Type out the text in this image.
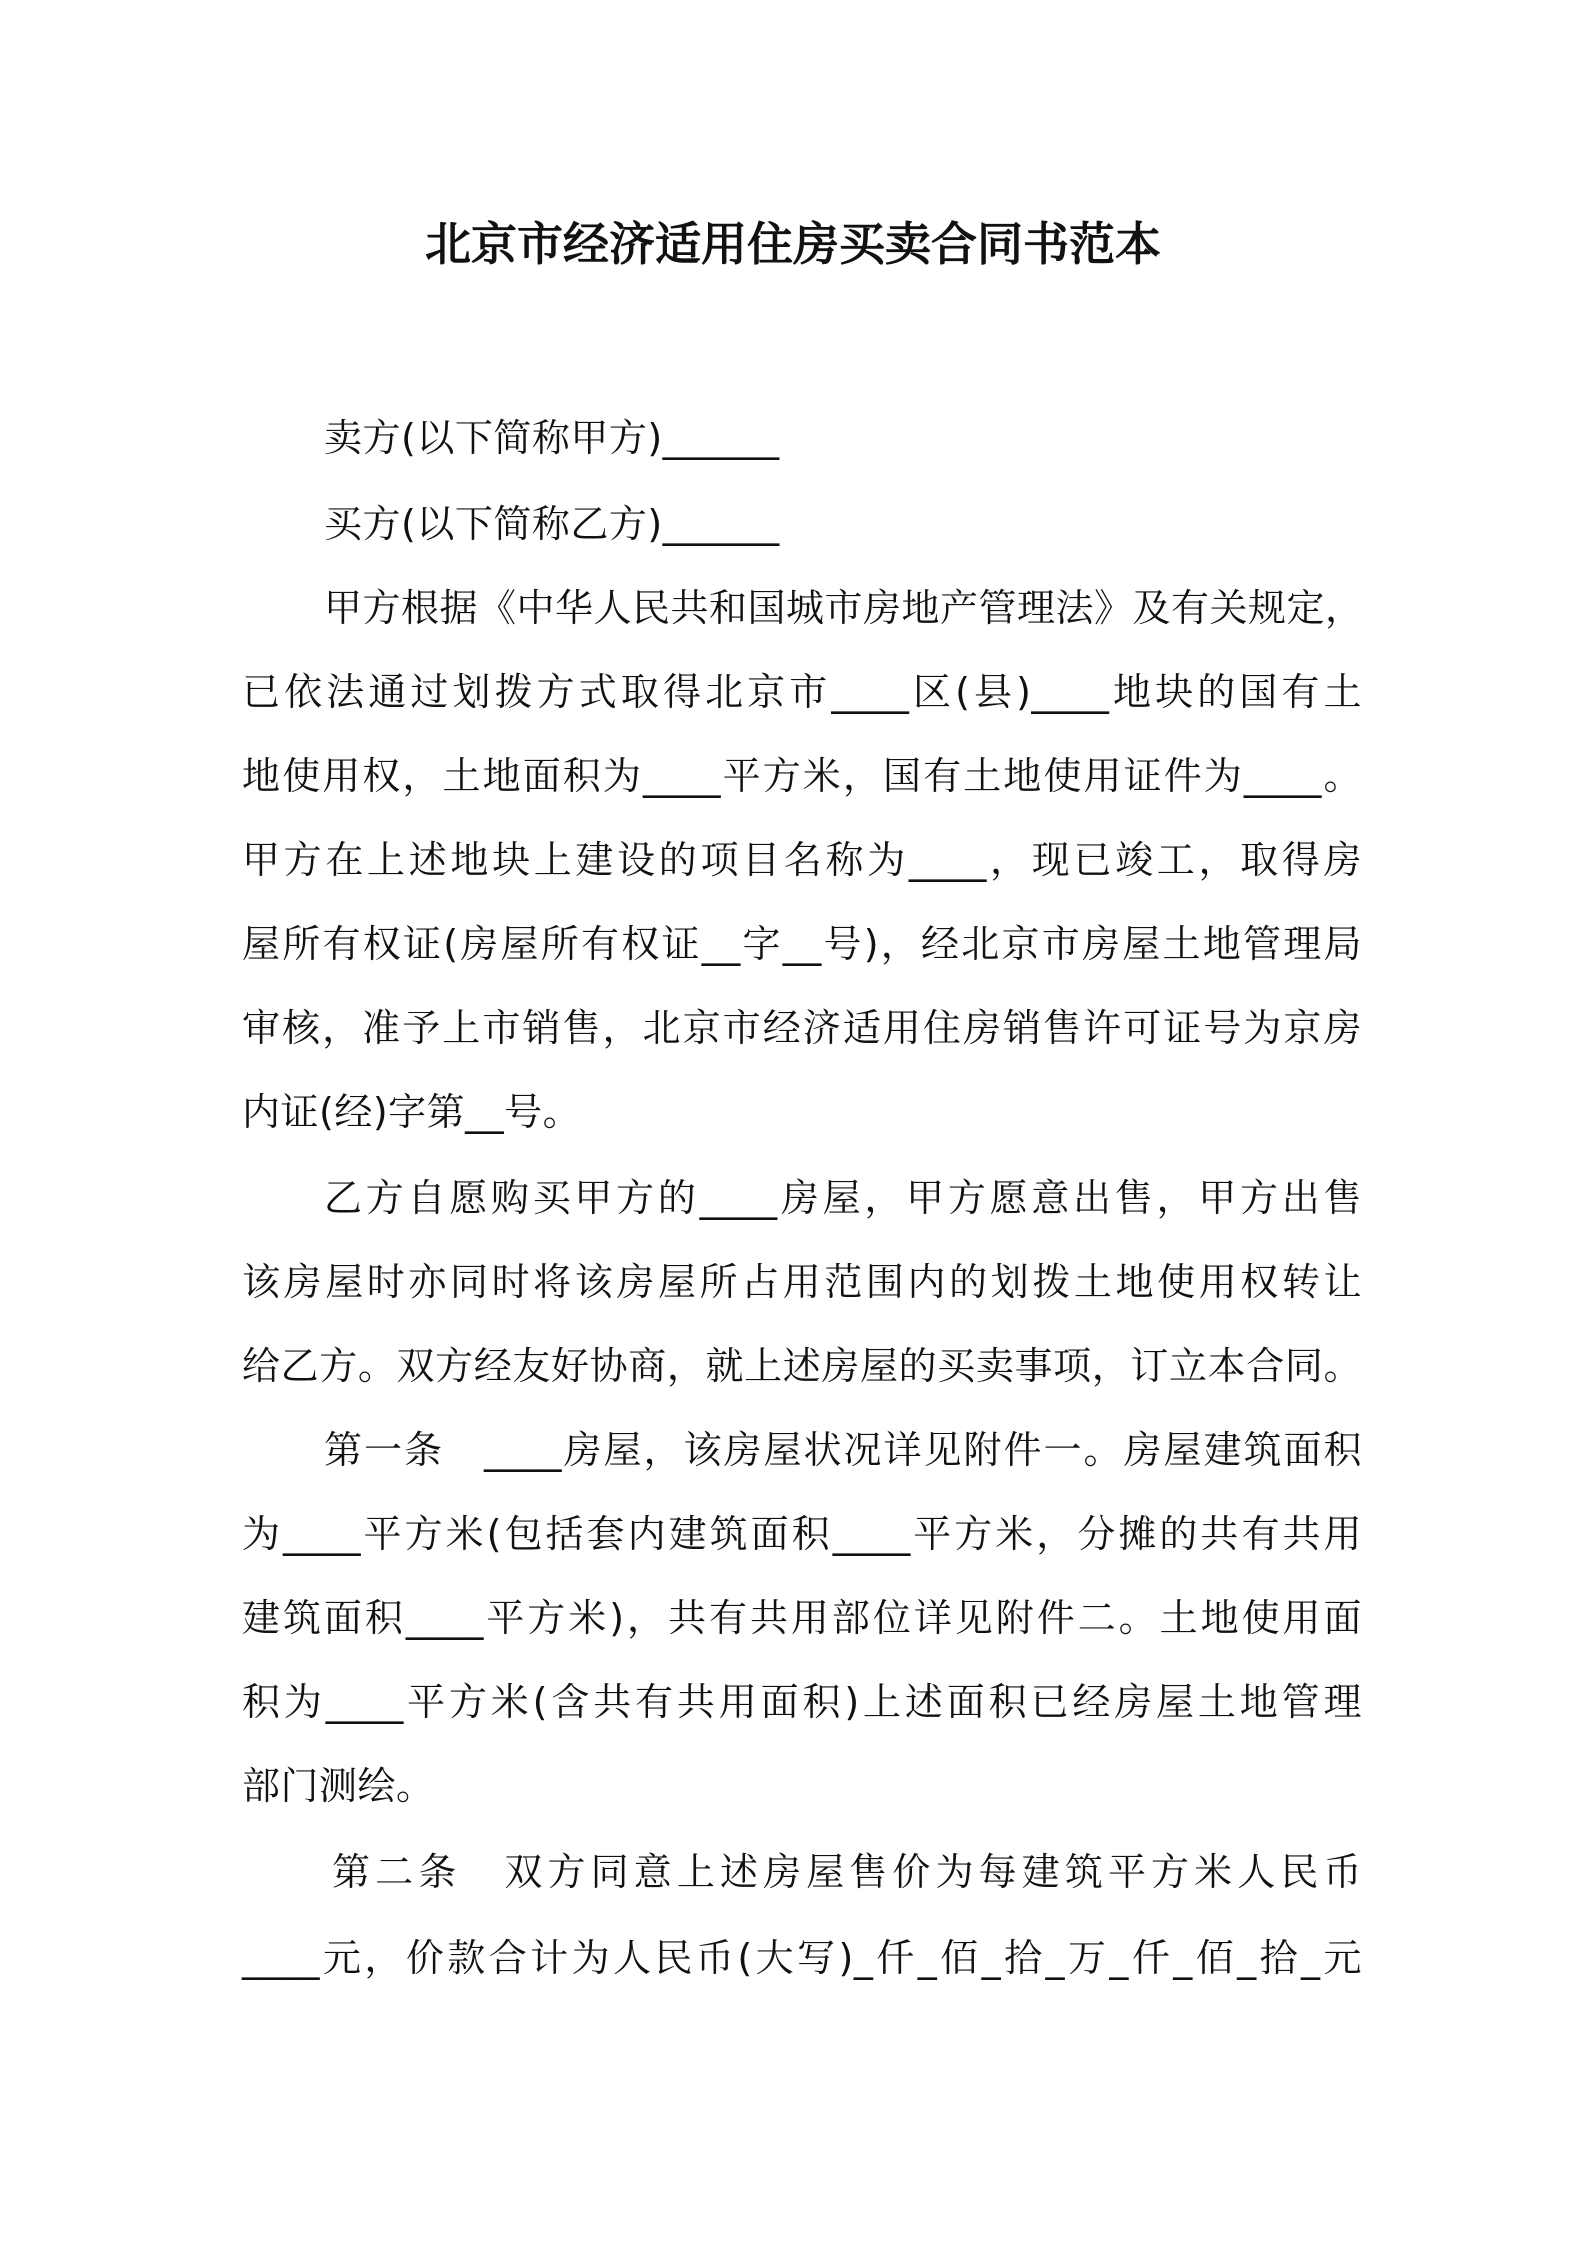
北京市经济适用住房买卖合同书范本
卖方(以下简称甲方)______
买方(以下简称乙方)______
甲方根据《中华人民共和国城市房地产管理法》及有关规定，
已依法通过划拨方式取得北京市____区(县)____地块的国有土
地使用权，土地面积为____平方米，国有土地使用证件为____。
甲方在上述地块上建设的项目名称为____，现已竣工，取得房
屋所有权证(房屋所有权证__字__号)，经北京市房屋土地管理局
审核，准予上市销售，北京市经济适用住房销售许可证号为京房
内证(经)字第__号。
乙方自愿购买甲方的____房屋，甲方愿意出售，甲方出售
该房屋时亦同时将该房屋所占用范围内的划拨土地使用权转让
给乙方。双方经友好协商，就上述房屋的买卖事项，订立本合同。
第一条　____房屋，该房屋状况详见附件一。房屋建筑面积
为____平方米(包括套内建筑面积____平方米，分摊的共有共用
建筑面积____平方米)，共有共用部位详见附件二。土地使用面
积为____平方米(含共有共用面积)上述面积已经房屋土地管理
部门测绘。
第二条　双方同意上述房屋售价为每建筑平方米人民币
____元，价款合计为人民币(大写)_仟_佰_拾_万_仟_佰_拾_元
